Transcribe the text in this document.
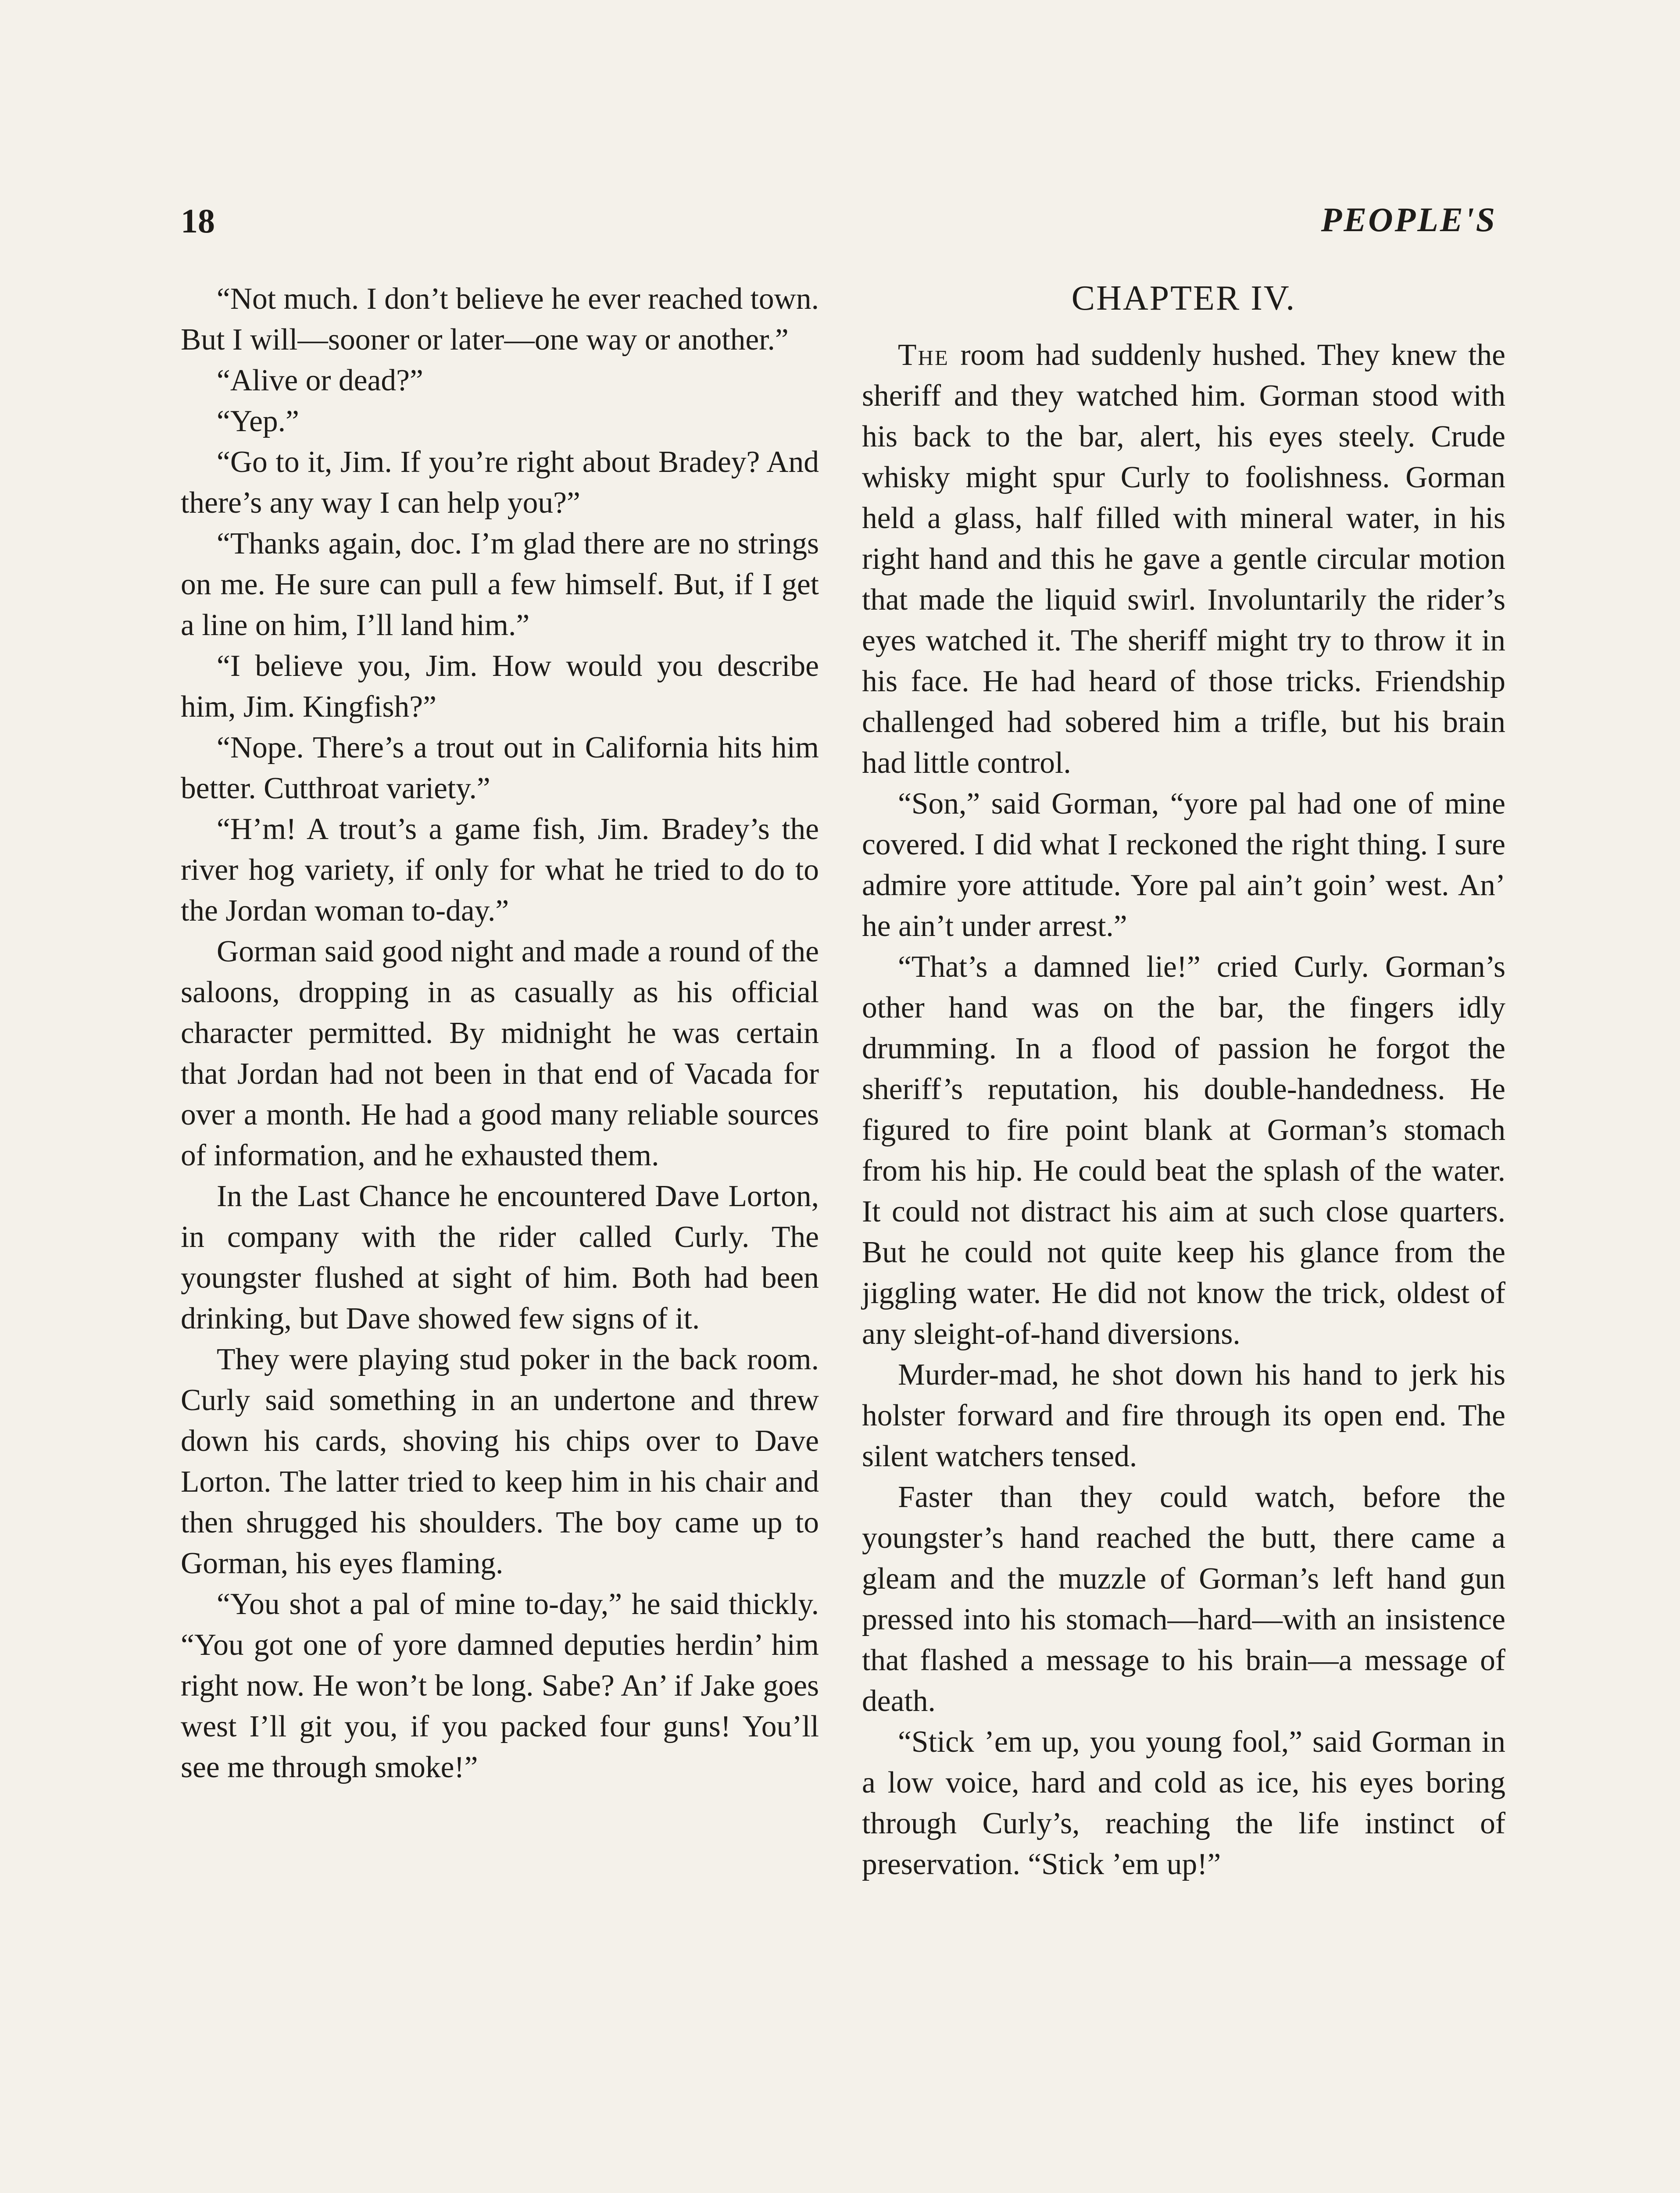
18	PEOPLE'S

“Not much. I don’t believe he ever reached town. But I will—sooner or later—one way or another.”

“Alive or dead?”

“Yep.”

“Go to it, Jim. If you’re right about Bradey? And there’s any way I can help you?”

“Thanks again, doc. I’m glad there are no strings on me. He sure can pull a few himself. But, if I get a line on him, I’ll land him.”

“I believe you, Jim. How would you describe him, Jim. Kingfish?”

“Nope. There’s a trout out in California hits him better. Cutthroat variety.”

“H’m! A trout’s a game fish, Jim. Bradey’s the river hog variety, if only for what he tried to do to the Jordan woman to-day.”

Gorman said good night and made a round of the saloons, dropping in as casually as his official character permitted. By midnight he was certain that Jordan had not been in that end of Vacada for over a month. He had a good many reliable sources of information, and he exhausted them.

In the Last Chance he encountered Dave Lorton, in company with the rider called Curly. The youngster flushed at sight of him. Both had been drinking, but Dave showed few signs of it.

They were playing stud poker in the back room. Curly said something in an undertone and threw down his cards, shoving his chips over to Dave Lorton. The latter tried to keep him in his chair and then shrugged his shoulders. The boy came up to Gorman, his eyes flaming.

“You shot a pal of mine to-day,” he said thickly. “You got one of yore damned deputies herdin’ him right now. He won’t be long. Sabe? An’ if Jake goes west I’ll git you, if you packed four guns! You’ll see me through smoke!”

CHAPTER IV.

The room had suddenly hushed. They knew the sheriff and they watched him. Gorman stood with his back to the bar, alert, his eyes steely. Crude whisky might spur Curly to foolishness. Gorman held a glass, half filled with mineral water, in his right hand and this he gave a gentle circular motion that made the liquid swirl. Involuntarily the rider’s eyes watched it. The sheriff might try to throw it in his face. He had heard of those tricks. Friendship challenged had sobered him a trifle, but his brain had little control.

“Son,” said Gorman, “yore pal had one of mine covered. I did what I reckoned the right thing. I sure admire yore attitude. Yore pal ain’t goin’ west. An’ he ain’t under arrest.”

“That’s a damned lie!” cried Curly. Gorman’s other hand was on the bar, the fingers idly drumming. In a flood of passion he forgot the sheriff’s reputation, his double-handedness. He figured to fire point blank at Gorman’s stomach from his hip. He could beat the splash of the water. It could not distract his aim at such close quarters. But he could not quite keep his glance from the jiggling water. He did not know the trick, oldest of any sleight-of-hand diversions.

Murder-mad, he shot down his hand to jerk his holster forward and fire through its open end. The silent watchers tensed.

Faster than they could watch, before the youngster’s hand reached the butt, there came a gleam and the muzzle of Gorman’s left hand gun pressed into his stomach—hard—with an insistence that flashed a message to his brain—a message of death.

“Stick ’em up, you young fool,” said Gorman in a low voice, hard and cold as ice, his eyes boring through Curly’s, reaching the life instinct of preservation. “Stick ’em up!”
